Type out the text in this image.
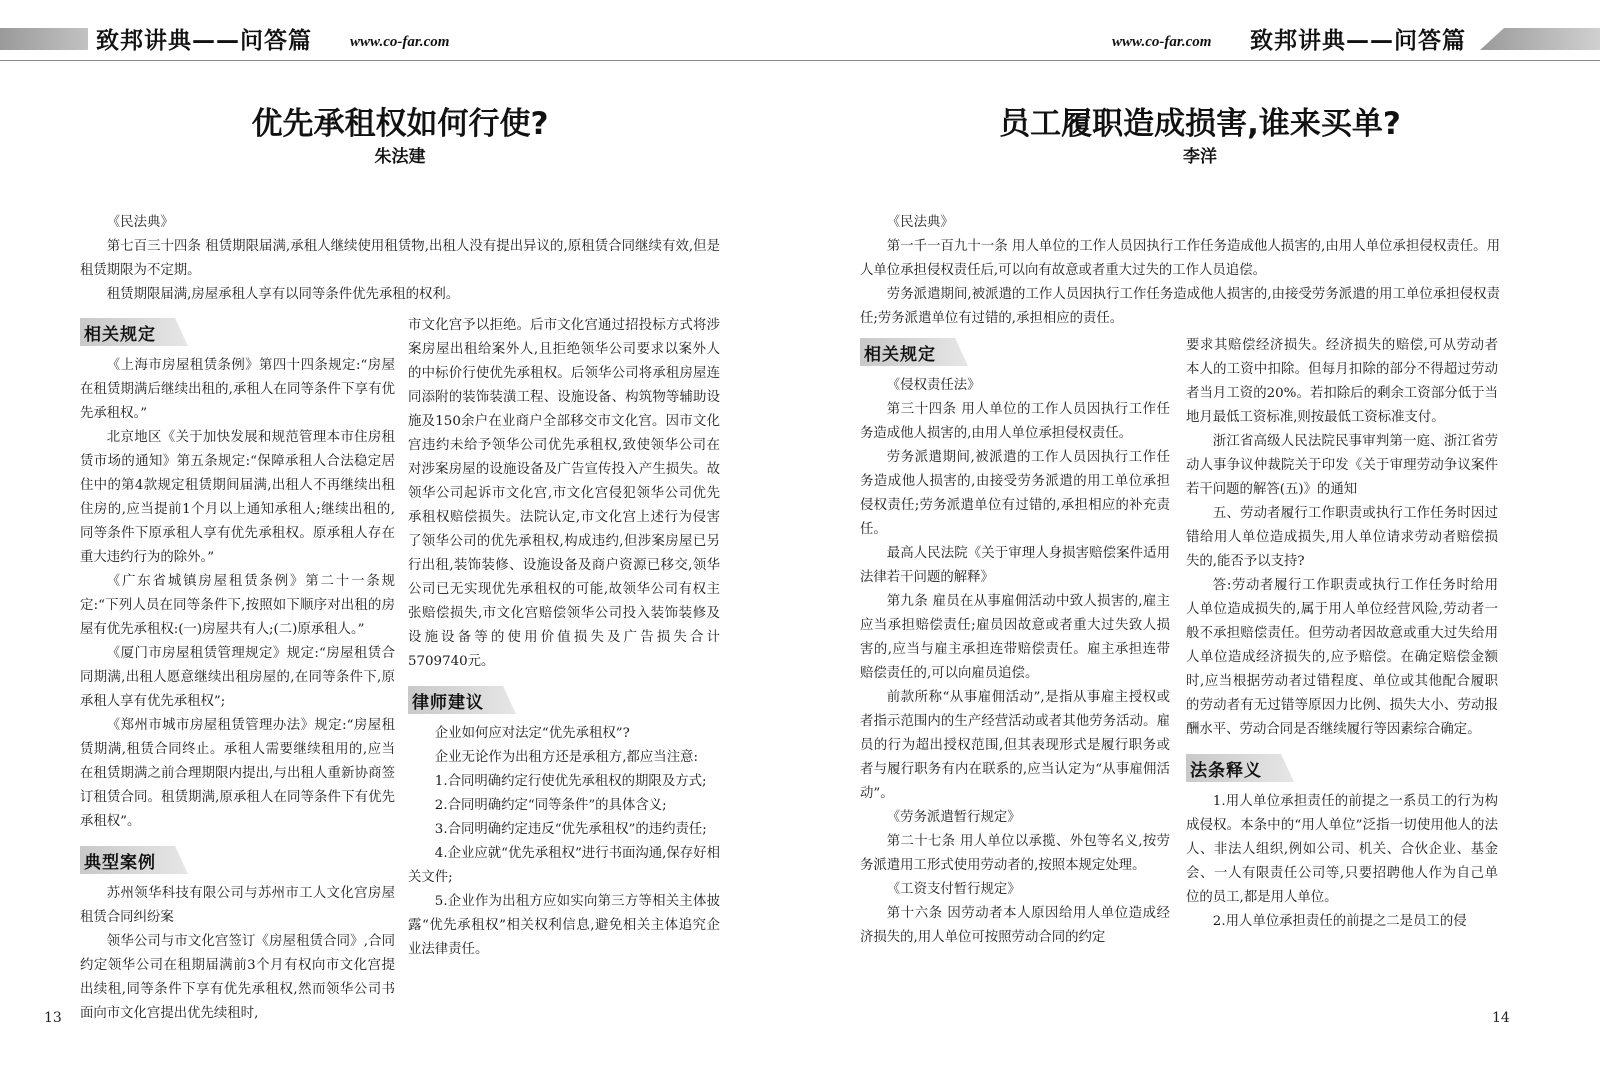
致邦讲典——问答篇	www.co-far.com
优先承租权如何行使?
朱法建

《民法典》

第七百三十四条 租赁期限届满,承租人继续使用租赁物,出租人没有提出异议的,原租赁合同继续有效,但是租赁期限为不定期。

租赁期限届满,房屋承租人享有以同等条件优先承租的权利。

相关规定

《上海市房屋租赁条例》第四十四条规定:“房屋在租赁期满后继续出租的,承租人在同等条件下享有优先承租权。”

北京地区《关于加快发展和规范管理本市住房租赁市场的通知》第五条规定:“保障承租人合法稳定居住中的第4款规定租赁期间届满,出租人不再继续出租住房的,应当提前1个月以上通知承租人;继续出租的,同等条件下原承租人享有优先承租权。原承租人存在重大违约行为的除外。”

《广东省城镇房屋租赁条例》第二十一条规定:“下列人员在同等条件下,按照如下顺序对出租的房屋有优先承租权:(一)房屋共有人;(二)原承租人。”

《厦门市房屋租赁管理规定》规定:“房屋租赁合同期满,出租人愿意继续出租房屋的,在同等条件下,原承租人享有优先承租权”;

《郑州市城市房屋租赁管理办法》规定:“房屋租赁期满,租赁合同终止。承租人需要继续租用的,应当在租赁期满之前合理期限内提出,与出租人重新协商签订租赁合同。租赁期满,原承租人在同等条件下有优先承租权”。

典型案例

苏州领华科技有限公司与苏州市工人文化宫房屋租赁合同纠纷案

领华公司与市文化宫签订《房屋租赁合同》,合同约定领华公司在租期届满前3个月有权向市文化宫提出续租,同等条件下享有优先承租权,然而领华公司书面向市文化宫提出优先续租时,

市文化宫予以拒绝。后市文化宫通过招投标方式将涉案房屋出租给案外人,且拒绝领华公司要求以案外人的中标价行使优先承租权。后领华公司将承租房屋连同添附的装饰装潢工程、设施设备、构筑物等辅助设施及150余户在业商户全部移交市文化宫。因市文化宫违约未给予领华公司优先承租权,致使领华公司在对涉案房屋的设施设备及广告宣传投入产生损失。故领华公司起诉市文化宫,市文化宫侵犯领华公司优先承租权赔偿损失。法院认定,市文化宫上述行为侵害了领华公司的优先承租权,构成违约,但涉案房屋已另行出租,装饰装修、设施设备及商户资源已移交,领华公司已无实现优先承租权的可能,故领华公司有权主张赔偿损失,市文化宫赔偿领华公司投入装饰装修及设施设备等的使用价值损失及广告损失合计5709740元。

律师建议

企业如何应对法定“优先承租权”?

企业无论作为出租方还是承租方,都应当注意:

1.合同明确约定行使优先承租权的期限及方式;

2.合同明确约定“同等条件”的具体含义;

3.合同明确约定违反“优先承租权”的违约责任;

4.企业应就“优先承租权”进行书面沟通,保存好相关文件;

5.企业作为出租方应如实向第三方等相关主体披露“优先承租权”相关权利信息,避免相关主体追究企业法律责任。

13
www.co-far.com	致邦讲典——问答篇
员工履职造成损害,谁来买单?
李洋

《民法典》

第一千一百九十一条 用人单位的工作人员因执行工作任务造成他人损害的,由用人单位承担侵权责任。用人单位承担侵权责任后,可以向有故意或者重大过失的工作人员追偿。

劳务派遣期间,被派遣的工作人员因执行工作任务造成他人损害的,由接受劳务派遣的用工单位承担侵权责任;劳务派遣单位有过错的,承担相应的责任。

相关规定

《侵权责任法》

第三十四条 用人单位的工作人员因执行工作任务造成他人损害的,由用人单位承担侵权责任。

劳务派遣期间,被派遣的工作人员因执行工作任务造成他人损害的,由接受劳务派遣的用工单位承担侵权责任;劳务派遣单位有过错的,承担相应的补充责任。

最高人民法院《关于审理人身损害赔偿案件适用法律若干问题的解释》

第九条 雇员在从事雇佣活动中致人损害的,雇主应当承担赔偿责任;雇员因故意或者重大过失致人损害的,应当与雇主承担连带赔偿责任。雇主承担连带赔偿责任的,可以向雇员追偿。

前款所称“从事雇佣活动”,是指从事雇主授权或者指示范围内的生产经营活动或者其他劳务活动。雇员的行为超出授权范围,但其表现形式是履行职务或者与履行职务有内在联系的,应当认定为“从事雇佣活动”。

《劳务派遣暂行规定》

第二十七条 用人单位以承揽、外包等名义,按劳务派遣用工形式使用劳动者的,按照本规定处理。

《工资支付暂行规定》

第十六条 因劳动者本人原因给用人单位造成经济损失的,用人单位可按照劳动合同的约定

要求其赔偿经济损失。经济损失的赔偿,可从劳动者本人的工资中扣除。但每月扣除的部分不得超过劳动者当月工资的20%。若扣除后的剩余工资部分低于当地月最低工资标准,则按最低工资标准支付。

浙江省高级人民法院民事审判第一庭、浙江省劳动人事争议仲裁院关于印发《关于审理劳动争议案件若干问题的解答(五)》的通知

五、劳动者履行工作职责或执行工作任务时因过错给用人单位造成损失,用人单位请求劳动者赔偿损失的,能否予以支持?

答:劳动者履行工作职责或执行工作任务时给用人单位造成损失的,属于用人单位经营风险,劳动者一般不承担赔偿责任。但劳动者因故意或重大过失给用人单位造成经济损失的,应予赔偿。在确定赔偿金额时,应当根据劳动者过错程度、单位或其他配合履职的劳动者有无过错等原因力比例、损失大小、劳动报酬水平、劳动合同是否继续履行等因素综合确定。

法条释义

1.用人单位承担责任的前提之一系员工的行为构成侵权。本条中的“用人单位”泛指一切使用他人的法人、非法人组织,例如公司、机关、合伙企业、基金会、一人有限责任公司等,只要招聘他人作为自己单位的员工,都是用人单位。

2.用人单位承担责任的前提之二是员工的侵

14
